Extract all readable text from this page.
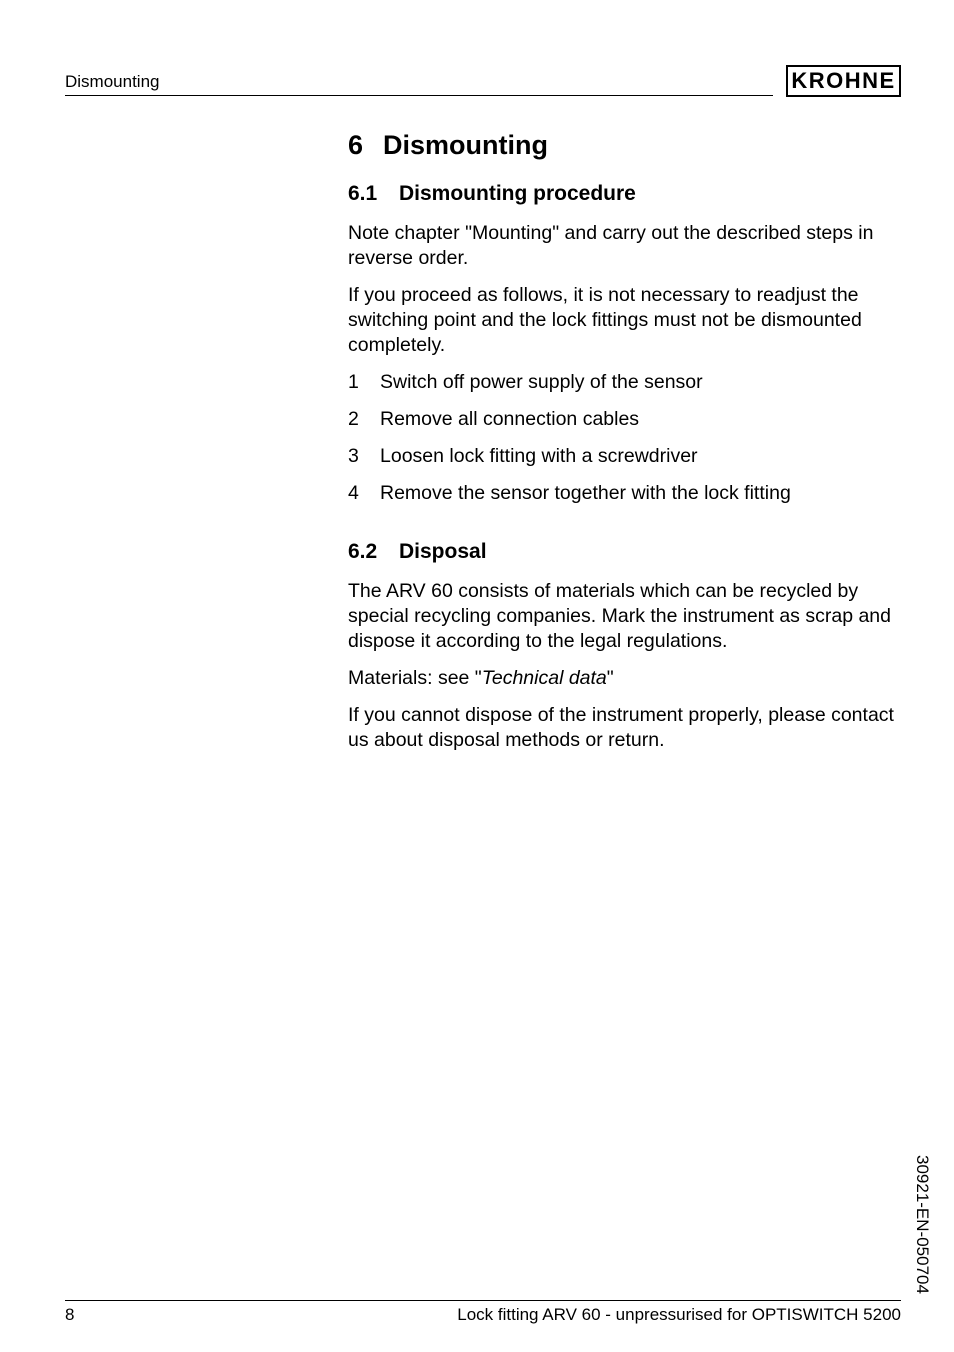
Dismounting	KROHNE
6 Dismounting
6.1 Dismounting procedure

Note chapter "Mounting" and carry out the described steps in reverse order.

If you proceed as follows, it is not necessary to readjust the switching point and the lock fittings must not be dismounted completely.

1 Switch off power supply of the sensor
2 Remove all connection cables
3 Loosen lock fitting with a screwdriver
4 Remove the sensor together with the lock fitting
6.2 Disposal

The ARV 60 consists of materials which can be recycled by special recycling companies. Mark the instrument as scrap and dispose it according to the legal regulations.

Materials: see "Technical data"

If you cannot dispose of the instrument properly, please contact us about disposal methods or return.

30921-EN-050704
8	Lock fitting ARV 60 - unpressurised for OPTISWITCH 5200
